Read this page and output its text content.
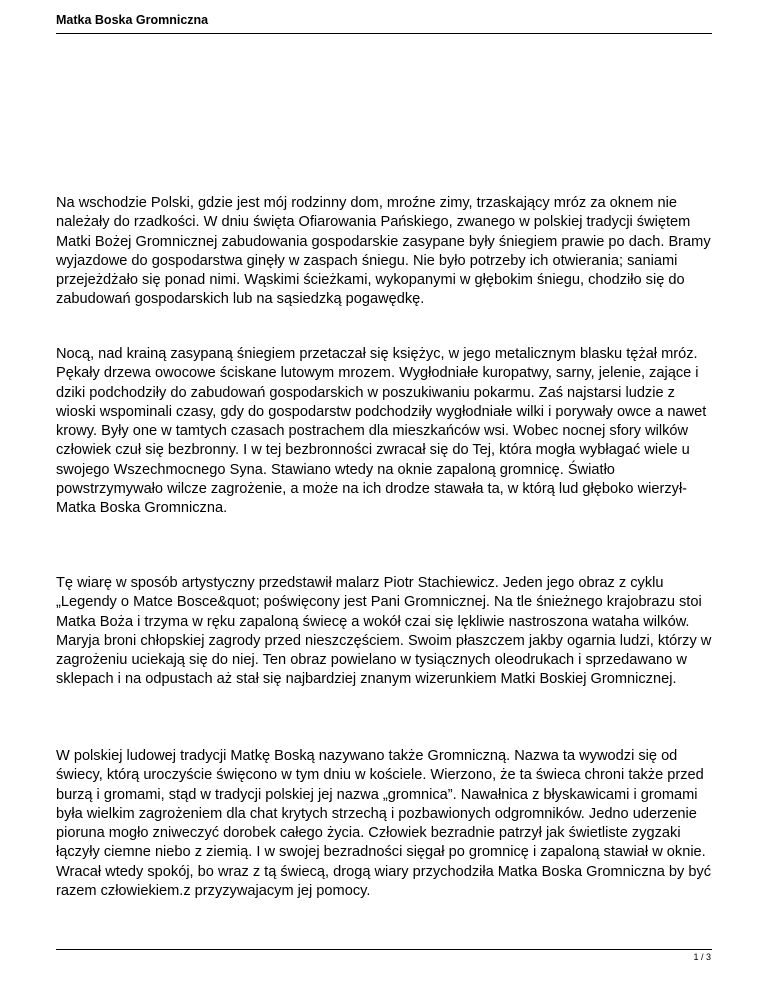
Matka Boska Gromniczna

Na wschodzie Polski, gdzie jest mój rodzinny dom, mroźne zimy, trzaskający mróz za oknem nie należały do rzadkości. W dniu święta Ofiarowania Pańskiego, zwanego w polskiej tradycji świętem Matki Bożej Gromnicznej zabudowania gospodarskie zasypane były śniegiem prawie po dach. Bramy wyjazdowe do gospodarstwa ginęły w zaspach śniegu. Nie było potrzeby ich otwierania; saniami przejeżdżało się ponad nimi. Wąskimi ścieżkami, wykopanymi w głębokim śniegu, chodziło się do zabudowań gospodarskich lub na sąsiedzką pogawędkę.

Nocą, nad krainą zasypaną śniegiem przetaczał się księżyc, w jego metalicznym blasku tężał mróz. Pękały drzewa owocowe ściskane lutowym mrozem. Wygłodniałe kuropatwy, sarny, jelenie, zające i dziki podchodziły do zabudowań gospodarskich w poszukiwaniu pokarmu. Zaś najstarsi ludzie z wioski wspominali czasy, gdy do gospodarstw podchodziły wygłodniałe wilki i porywały owce a nawet krowy. Były one w tamtych czasach postrachem dla mieszkańców wsi. Wobec nocnej sfory wilków człowiek czuł się bezbronny. I w tej bezbronności zwracał się do Tej, która mogła wybłagać wiele u swojego Wszechmocnego Syna. Stawiano wtedy na oknie zapaloną gromnicę. Światło powstrzymywało wilcze zagrożenie, a może na ich drodze stawała ta, w którą lud głęboko wierzył- Matka Boska Gromniczna.

Tę wiarę w sposób artystyczny przedstawił malarz Piotr Stachiewicz. Jeden jego obraz z cyklu „Legendy o Matce Bosce&quot; poświęcony jest Pani Gromnicznej. Na tle śnieżnego krajobrazu stoi Matka Boża i trzyma w ręku zapaloną świecę a wokół czai się lękliwie nastroszona wataha wilków. Maryja broni chłopskiej zagrody przed nieszczęściem. Swoim płaszczem jakby ogarnia ludzi, którzy w zagrożeniu uciekają się do niej. Ten obraz powielano w tysiącznych oleodrukach i sprzedawano w sklepach i na odpustach aż stał się najbardziej znanym wizerunkiem Matki Boskiej Gromnicznej.

W polskiej ludowej tradycji Matkę Boską nazywano także Gromniczną. Nazwa ta wywodzi się od świecy, którą uroczyście święcono w tym dniu w kościele. Wierzono, że ta świeca chroni także przed burzą i gromami, stąd w tradycji polskiej jej nazwa „gromnica”. Nawałnica z błyskawicami i gromami była wielkim zagrożeniem dla chat krytych strzechą i pozbawionych odgromników. Jedno uderzenie pioruna mogło zniweczyć dorobek całego życia. Człowiek bezradnie patrzył jak świetliste zygzaki łączyły ciemne niebo z ziemią. I w swojej bezradności sięgał po gromnicę i zapaloną stawiał w oknie. Wracał wtedy spokój, bo wraz z tą świecą, drogą wiary przychodziła Matka Boska Gromniczna by być razem człowiekiem.z przyzywajacym jej pomocy.

1 / 3
